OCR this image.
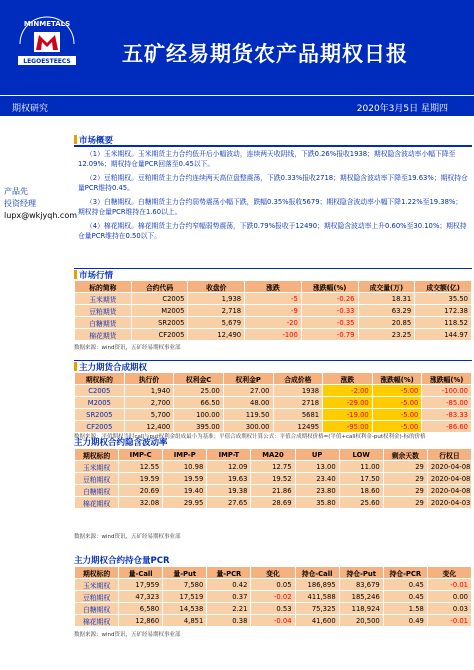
MINMETALS
LEGOESTEECS 五矿经易期货农产品期权日报
期权研究	2020年3月5日 星期四
产品先
投资经理
lupx@wkjyqh.com
市场概要

（1）玉米期权。玉米期货主力合约低开后小幅波动，连续两天收阴线，下跌0.26%报收1938；期权隐含波动率小幅下降至12.09%；期权持仓量PCR回落至0.45以下。

（2）豆粕期权。豆粕期货主力合约连续两天高位盘整震荡，下跌0.33%报收2718；期权隐含波动率下降至19.63%；期权持仓量PCR维持0.45。

（3）白糖期权。白糖期货主力合约弱势震荡小幅下跌，跌幅0.35%报收5679；期权隐含波动率小幅下降1.22%至19.38%；期权持仓量PCR维持在1.60以上。

（4）棉花期权。棉花期货主力合约窄幅弱势震荡，下跌0.79%报收于12490；期权隐含波动率上升0.60%至30.10%；期权持仓量PCR维持在0.50以下。

市场行情
标的简称	合约代码	收盘价	涨跌	涨跌幅(%)	成交量(万)	成交额(亿)
玉米期货	C2005	1,938	-5	-0.26	18.31	35.50
豆粕期货	M2005	2,718	-9	-0.33	63.29	172.38
白糖期货	SR2005	5,679	-20	-0.35	20.85	118.52
棉花期货	CF2005	12,490	-100	-0.79	23.25	144.97
数据来源：wind资讯，五矿经易期权事业部
主力期货合成期权
期权标的	执行价	权利金C	权利金P	合成价格	涨跌	涨跌幅(%)	涨跌幅(%)
C2005	1,940	25.00	27.00	1938	-2.00	-5.00	-100.00
M2005	2,700	66.50	48.00	2718	-29.00	-5.00	-85.00
SR2005	5,700	100.00	119.50	5681	-19.00	-5.00	-83.33
CF2005	12,400	395.00	300.00	12495	-95.00	-5.00	-86.60
数据来源：平值期权当时call与put权利金组成最小为基准；平值合成期权计算公式：平值合成期权价格=(平值+call权利金-put权利金)-标的价格
主力期权合约隐含波动率
期权标的	IMP-C	IMP-P	IMP-T	MA20	UP	LOW	剩余天数	行权日
玉米期权	12.55	10.98	12.09	12.75	13.00	11.00	29	2020-04-08
豆粕期权	19.59	19.59	19.63	19.52	23.40	17.50	29	2020-04-08
白糖期权	20.69	19.40	19.38	21.86	23.80	18.60	29	2020-04-08
棉花期权	32.08	29.95	27.65	28.69	35.80	25.60	29	2020-04-03
数据来源：wind资讯，五矿经易期权事业部
主力期权合约持仓量PCR
期权标的	量-Call	量-Put	量-PCR	变化	持仓-Call	持仓-Put	持仓-PCR	变化
玉米期权	17,959	7,580	0.42	0.05	186,895	83,679	0.45	-0.01
豆粕期权	47,323	17,519	0.37	-0.02	411,588	185,246	0.45	0.00
白糖期权	6,580	14,538	2.21	0.53	75,325	118,924	1.58	0.03
棉花期权	12,860	4,851	0.38	-0.04	41,600	20,500	0.49	-0.01
数据来源：wind资讯，五矿经易期权事业部
